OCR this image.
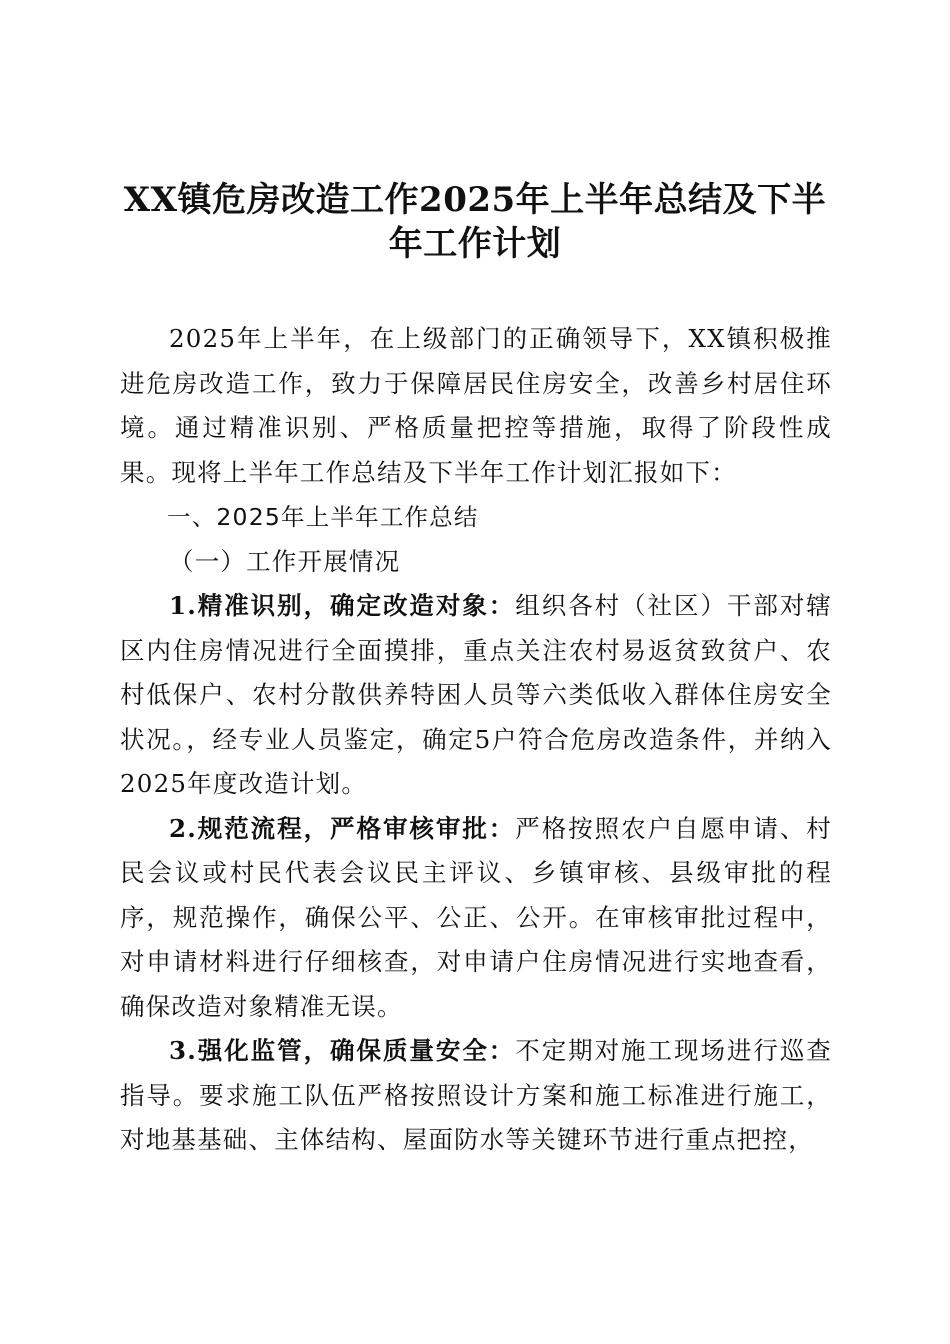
XX镇危房改造工作2025年上半年总结及下半
年工作计划

2025年上半年，在上级部门的正确领导下，XX镇积极推进危房改造工作，致力于保障居民住房安全，改善乡村居住环境。通过精准识别、严格质量把控等措施，取得了阶段性成果。现将上半年工作总结及下半年工作计划汇报如下：

一、2025年上半年工作总结

（一）工作开展情况

1.精准识别，确定改造对象：组织各村（社区）干部对辖区内住房情况进行全面摸排，重点关注农村易返贫致贫户、农村低保户、农村分散供养特困人员等六类低收入群体住房安全状况。，经专业人员鉴定，确定5户符合危房改造条件，并纳入2025年度改造计划。

2.规范流程，严格审核审批：严格按照农户自愿申请、村民会议或村民代表会议民主评议、乡镇审核、县级审批的程序，规范操作，确保公平、公正、公开。在审核审批过程中，对申请材料进行仔细核查，对申请户住房情况进行实地查看，确保改造对象精准无误。

3.强化监管，确保质量安全：不定期对施工现场进行巡查指导。要求施工队伍严格按照设计方案和施工标准进行施工，对地基基础、主体结构、屋面防水等关键环节进行重点把控，
